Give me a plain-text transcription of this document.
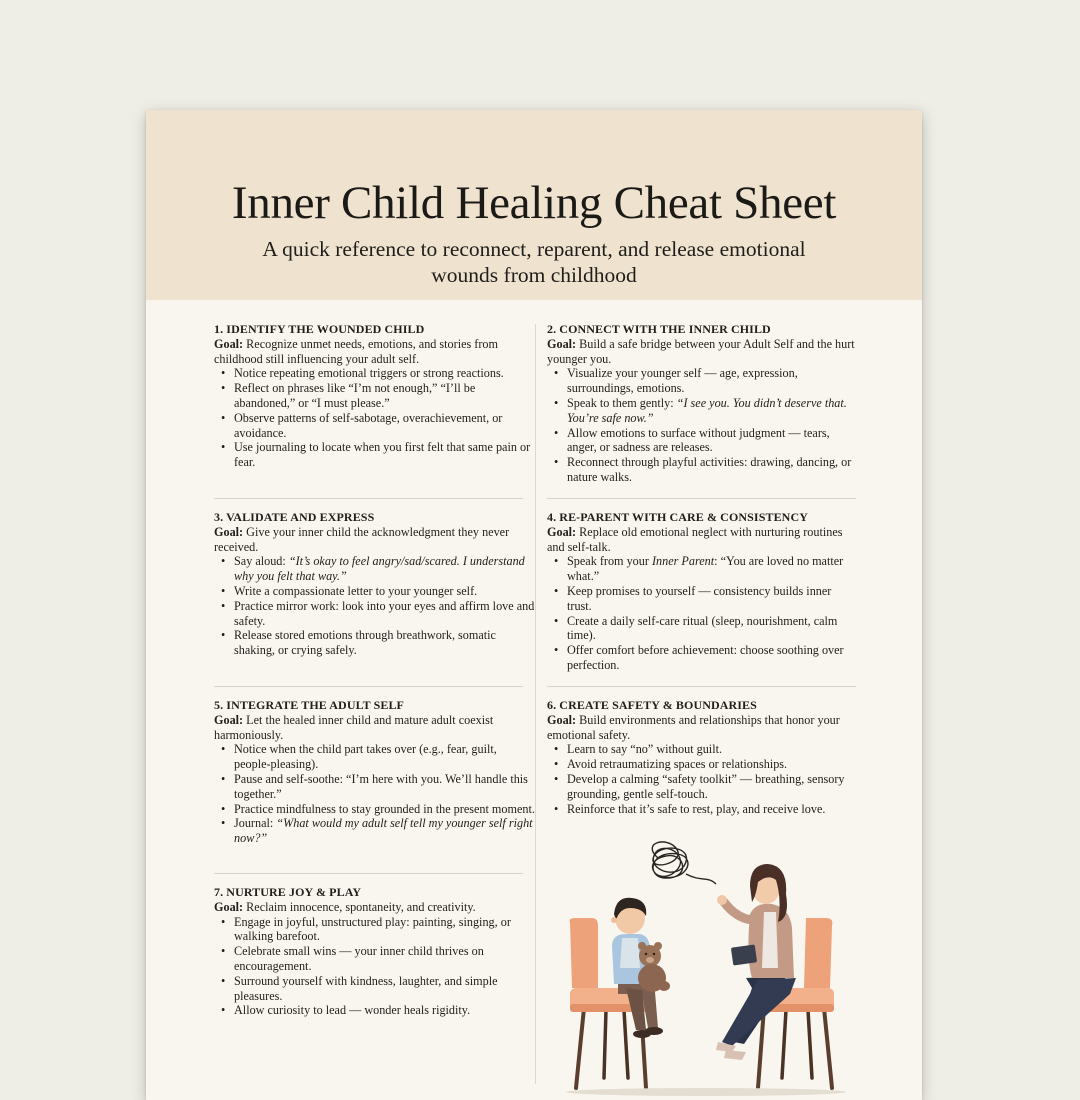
Inner Child Healing Cheat Sheet
A quick reference to reconnect, reparent, and release emotional wounds from childhood
1. IDENTIFY THE WOUNDED CHILD
Goal: Recognize unmet needs, emotions, and stories from childhood still influencing your adult self.
• Notice repeating emotional triggers or strong reactions.
• Reflect on phrases like “I’m not enough,” “I’ll be abandoned,” or “I must please.”
• Observe patterns of self-sabotage, overachievement, or avoidance.
• Use journaling to locate when you first felt that same pain or fear.
2. CONNECT WITH THE INNER CHILD
Goal: Build a safe bridge between your Adult Self and the hurt younger you.
• Visualize your younger self — age, expression, surroundings, emotions.
• Speak to them gently: “I see you. You didn’t deserve that. You’re safe now.”
• Allow emotions to surface without judgment — tears, anger, or sadness are releases.
• Reconnect through playful activities: drawing, dancing, or nature walks.
3. VALIDATE AND EXPRESS
Goal: Give your inner child the acknowledgment they never received.
• Say aloud: “It’s okay to feel angry/sad/scared. I understand why you felt that way.”
• Write a compassionate letter to your younger self.
• Practice mirror work: look into your eyes and affirm love and safety.
• Release stored emotions through breathwork, somatic shaking, or crying safely.
4. RE-PARENT WITH CARE & CONSISTENCY
Goal: Replace old emotional neglect with nurturing routines and self-talk.
• Speak from your Inner Parent: “You are loved no matter what.”
• Keep promises to yourself — consistency builds inner trust.
• Create a daily self-care ritual (sleep, nourishment, calm time).
• Offer comfort before achievement: choose soothing over perfection.
5. INTEGRATE THE ADULT SELF
Goal: Let the healed inner child and mature adult coexist harmoniously.
• Notice when the child part takes over (e.g., fear, guilt, people-pleasing).
• Pause and self-soothe: “I’m here with you. We’ll handle this together.”
• Practice mindfulness to stay grounded in the present moment.
• Journal: “What would my adult self tell my younger self right now?”
6. CREATE SAFETY & BOUNDARIES
Goal: Build environments and relationships that honor your emotional safety.
• Learn to say “no” without guilt.
• Avoid retraumatizing spaces or relationships.
• Develop a calming “safety toolkit” — breathing, sensory grounding, gentle self-touch.
• Reinforce that it’s safe to rest, play, and receive love.
7. NURTURE JOY & PLAY
Goal: Reclaim innocence, spontaneity, and creativity.
• Engage in joyful, unstructured play: painting, singing, or walking barefoot.
• Celebrate small wins — your inner child thrives on encouragement.
• Surround yourself with kindness, laughter, and simple pleasures.
• Allow curiosity to lead — wonder heals rigidity.
